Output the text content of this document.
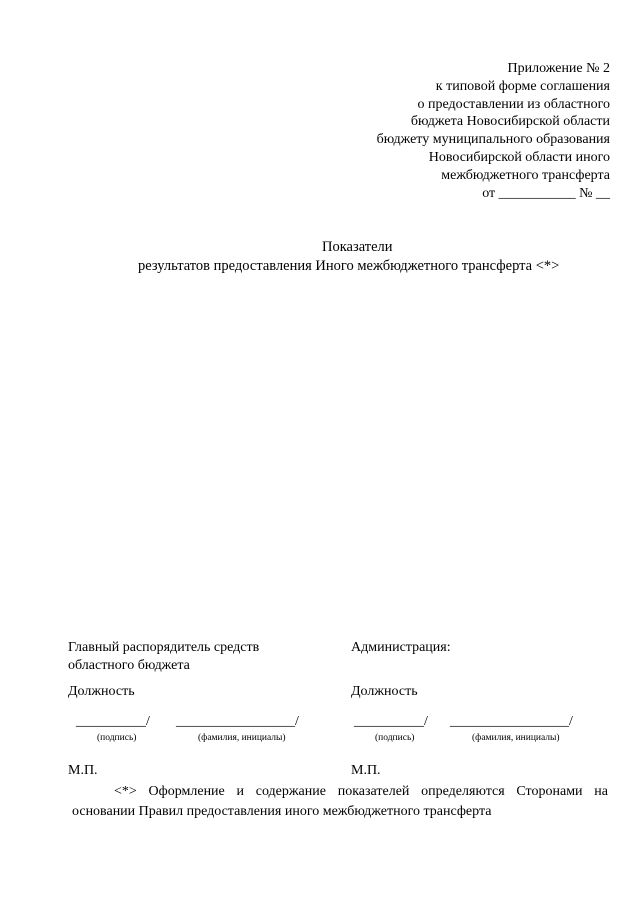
Приложение № 2
к типовой форме соглашения
о предоставлении из областного
бюджета Новосибирской области
бюджету муниципального образования
Новосибирской области иного
межбюджетного трансферта
от ___________ № __
Показатели
результатов предоставления Иного межбюджетного трансферта <*>
Главный распорядитель средств
областного бюджета
Должность
__________/ _________________/
(подпись)	(фамилия, инициалы)
М.П.
Администрация:
Должность
__________/ _________________/
(подпись)	(фамилия, инициалы)
М.П.
<*> Оформление и содержание показателей определяются Сторонами на
основании Правил предоставления иного межбюджетного трансферта
